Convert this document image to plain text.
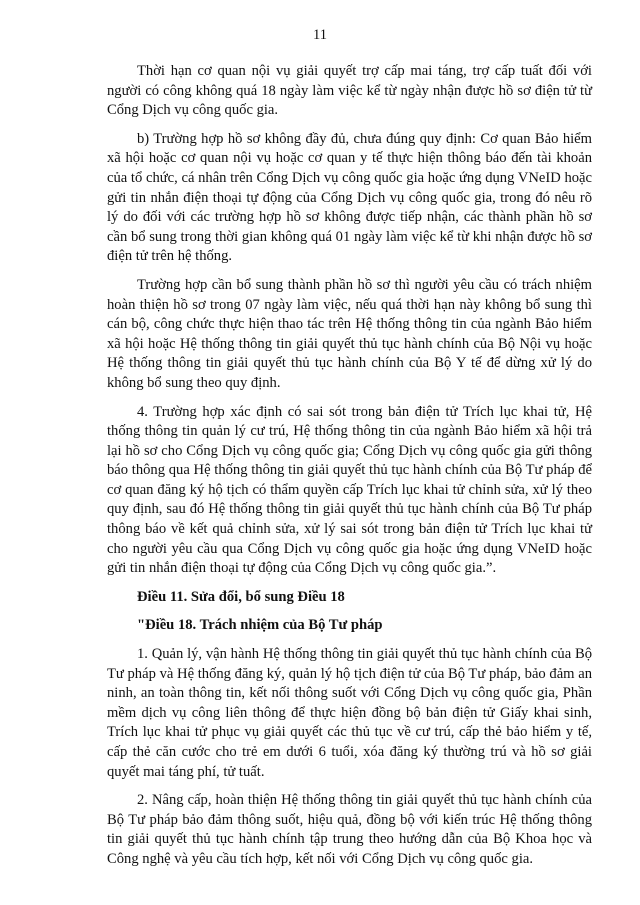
11

Thời hạn cơ quan nội vụ giải quyết trợ cấp mai táng, trợ cấp tuất đối với người có công không quá 18 ngày làm việc kể từ ngày nhận được hồ sơ điện tử từ Cổng Dịch vụ công quốc gia.

b) Trường hợp hồ sơ không đầy đủ, chưa đúng quy định: Cơ quan Bảo hiểm xã hội hoặc cơ quan nội vụ hoặc cơ quan y tế thực hiện thông báo đến tài khoản của tổ chức, cá nhân trên Cổng Dịch vụ công quốc gia hoặc ứng dụng VNeID hoặc gửi tin nhắn điện thoại tự động của Cổng Dịch vụ công quốc gia, trong đó nêu rõ lý do đối với các trường hợp hồ sơ không được tiếp nhận, các thành phần hồ sơ cần bổ sung trong thời gian không quá 01 ngày làm việc kể từ khi nhận được hồ sơ điện tử trên hệ thống.

Trường hợp cần bổ sung thành phần hồ sơ thì người yêu cầu có trách nhiệm hoàn thiện hồ sơ trong 07 ngày làm việc, nếu quá thời hạn này không bổ sung thì cán bộ, công chức thực hiện thao tác trên Hệ thống thông tin của ngành Bảo hiểm xã hội hoặc Hệ thống thông tin giải quyết thủ tục hành chính của Bộ Nội vụ hoặc Hệ thống thông tin giải quyết thủ tục hành chính của Bộ Y tế để dừng xử lý do không bổ sung theo quy định.

4. Trường hợp xác định có sai sót trong bản điện tử Trích lục khai tử, Hệ thống thông tin quản lý cư trú, Hệ thống thông tin của ngành Bảo hiểm xã hội trả lại hồ sơ cho Cổng Dịch vụ công quốc gia; Cổng Dịch vụ công quốc gia gửi thông báo thông qua Hệ thống thông tin giải quyết thủ tục hành chính của Bộ Tư pháp để cơ quan đăng ký hộ tịch có thẩm quyền cấp Trích lục khai tử chỉnh sửa, xử lý theo quy định, sau đó Hệ thống thông tin giải quyết thủ tục hành chính của Bộ Tư pháp thông báo về kết quả chỉnh sửa, xử lý sai sót trong bản điện tử Trích lục khai tử cho người yêu cầu qua Cổng Dịch vụ công quốc gia hoặc ứng dụng VNeID hoặc gửi tin nhắn điện thoại tự động của Cổng Dịch vụ công quốc gia.”.

Điều 11. Sửa đổi, bổ sung Điều 18

"Điều 18. Trách nhiệm của Bộ Tư pháp

1. Quản lý, vận hành Hệ thống thông tin giải quyết thủ tục hành chính của Bộ Tư pháp và Hệ thống đăng ký, quản lý hộ tịch điện tử của Bộ Tư pháp, bảo đảm an ninh, an toàn thông tin, kết nối thông suốt với Cổng Dịch vụ công quốc gia, Phần mềm dịch vụ công liên thông để thực hiện đồng bộ bản điện tử Giấy khai sinh, Trích lục khai tử phục vụ giải quyết các thủ tục về cư trú, cấp thẻ bảo hiểm y tế, cấp thẻ căn cước cho trẻ em dưới 6 tuổi, xóa đăng ký thường trú và hồ sơ giải quyết mai táng phí, tử tuất.

2. Nâng cấp, hoàn thiện Hệ thống thông tin giải quyết thủ tục hành chính của Bộ Tư pháp bảo đảm thông suốt, hiệu quả, đồng bộ với kiến trúc Hệ thống thông tin giải quyết thủ tục hành chính tập trung theo hướng dẫn của Bộ Khoa học và Công nghệ và yêu cầu tích hợp, kết nối với Cổng Dịch vụ công quốc gia.
